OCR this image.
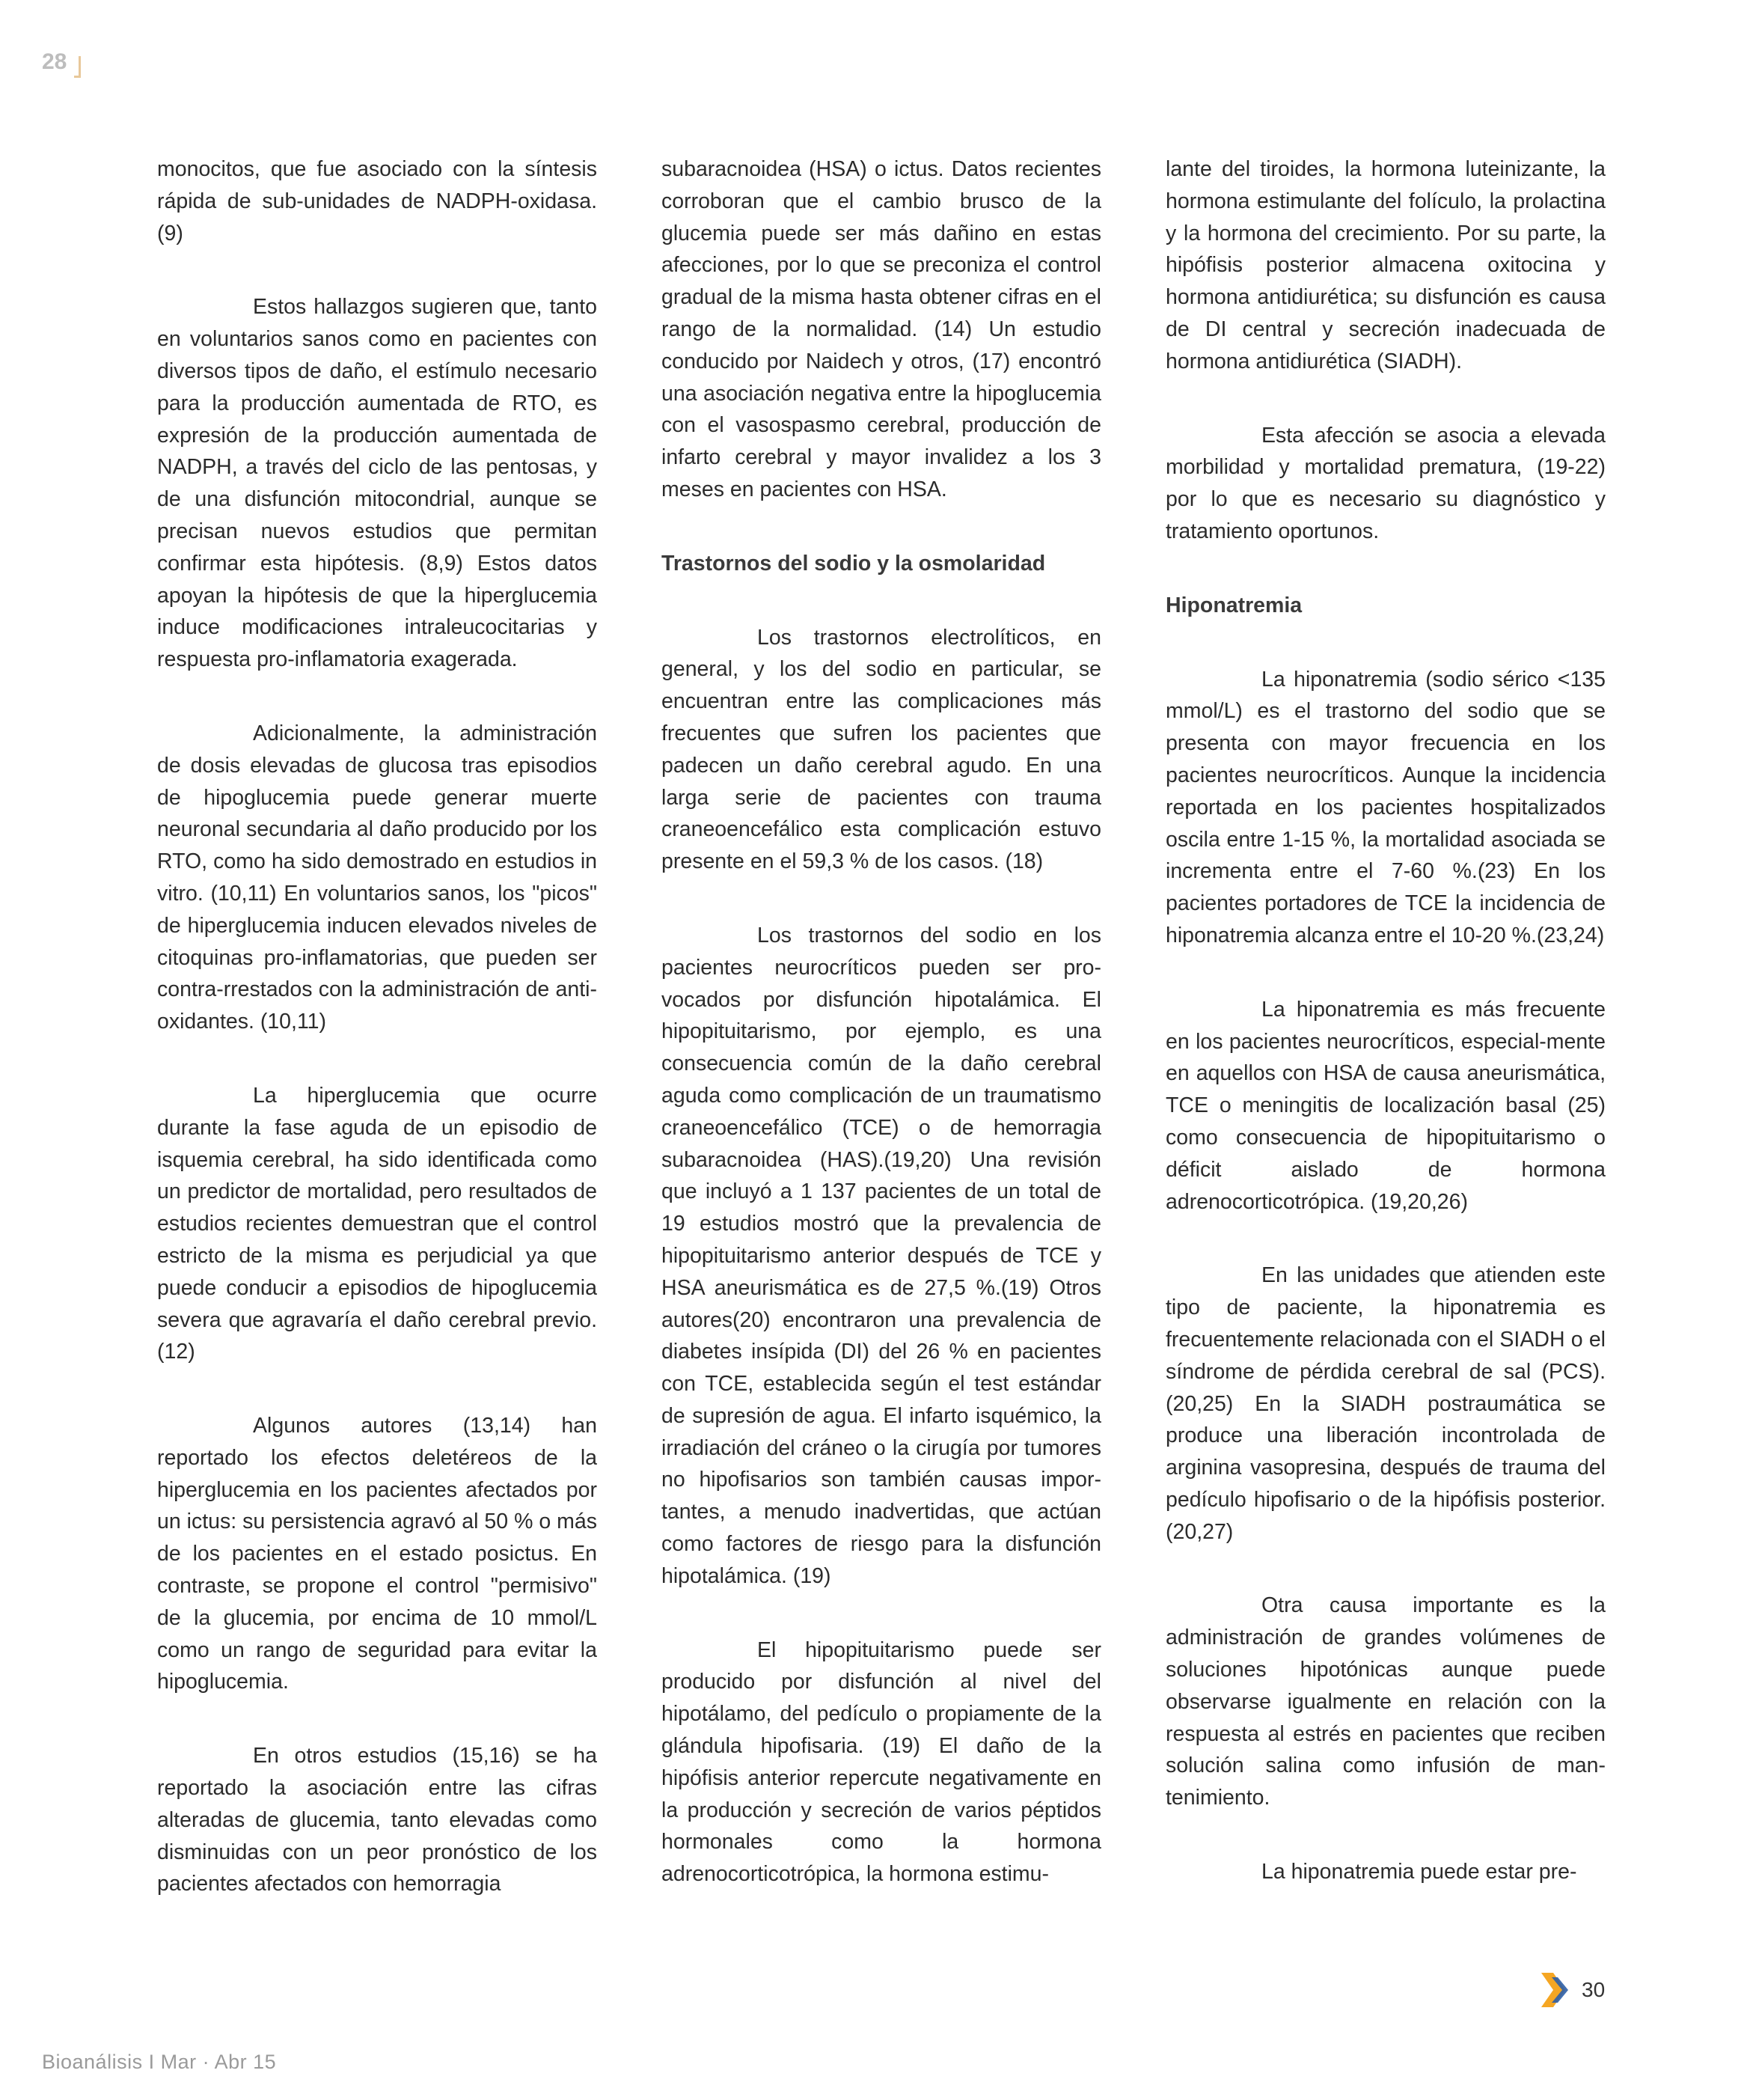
28

monocitos, que fue asociado con la síntesis rápida de sub-unidades de NADPH-oxidasa. (9)

Estos hallazgos sugieren que, tanto en voluntarios sanos como en pacientes con diversos tipos de daño, el estímulo necesario para la producción aumentada de RTO, es expresión de la producción aumentada de NADPH, a través del ciclo de las pentosas, y de una disfunción mitocondrial, aunque se precisan nuevos estudios que permitan confirmar esta hipótesis. (8,9) Estos datos apoyan la hipótesis de que la hiperglucemia induce modificaciones intraleucocitarias y respuesta pro-inflamatoria exagerada.

Adicionalmente, la administración de dosis elevadas de glucosa tras episodios de hipoglucemia puede generar muerte neuronal secundaria al daño producido por los RTO, como ha sido demostrado en estudios in vitro. (10,11) En voluntarios sanos, los "picos" de hiperglucemia inducen elevados niveles de citoquinas pro-inflamatorias, que pueden ser contra-rrestados con la administración de anti-oxidantes. (10,11)

La hiperglucemia que ocurre durante la fase aguda de un episodio de isquemia cerebral, ha sido identificada como un predictor de mortalidad, pero resultados de estudios recientes demuestran que el control estricto de la misma es perjudicial ya que puede conducir a episodios de hipoglucemia severa que agravaría el daño cerebral previo. (12)

Algunos autores (13,14) han reportado los efectos deletéreos de la hiperglucemia en los pacientes afectados por un ictus: su persistencia agravó al 50 % o más de los pacientes en el estado posictus. En contraste, se propone el control "permisivo" de la glucemia, por encima de 10 mmol/L como un rango de seguridad para evitar la hipoglucemia.

En otros estudios (15,16) se ha reportado la asociación entre las cifras alteradas de glucemia, tanto elevadas como disminuidas con un peor pronóstico de los pacientes afectados con hemorragia

subaracnoidea (HSA) o ictus. Datos recientes corroboran que el cambio brusco de la glucemia puede ser más dañino en estas afecciones, por lo que se preconiza el control gradual de la misma hasta obtener cifras en el rango de la normalidad. (14) Un estudio conducido por Naidech y otros, (17) encontró una asociación negativa entre la hipoglucemia con el vasospasmo cerebral, producción de infarto cerebral y mayor invalidez a los 3 meses en pacientes con HSA.

Trastornos del sodio y la osmolaridad

Los trastornos electrolíticos, en general, y los del sodio en particular, se encuentran entre las complicaciones más frecuentes que sufren los pacientes que padecen un daño cerebral agudo. En una larga serie de pacientes con trauma craneoencefálico esta complicación estuvo presente en el 59,3 % de los casos. (18)

Los trastornos del sodio en los pacientes neurocríticos pueden ser pro-vocados por disfunción hipotalámica. El hipopituitarismo, por ejemplo, es una consecuencia común de la daño cerebral aguda como complicación de un traumatismo craneoencefálico (TCE) o de hemorragia subaracnoidea (HAS).(19,20) Una revisión que incluyó a 1 137 pacientes de un total de 19 estudios mostró que la prevalencia de hipopituitarismo anterior después de TCE y HSA aneurismática es de 27,5 %.(19) Otros autores(20) encontraron una prevalencia de diabetes insípida (DI) del 26 % en pacientes con TCE, establecida según el test estándar de supresión de agua. El infarto isquémico, la irradiación del cráneo o la cirugía por tumores no hipofisarios son también causas impor-tantes, a menudo inadvertidas, que actúan como factores de riesgo para la disfunción hipotalámica. (19)

El hipopituitarismo puede ser producido por disfunción al nivel del hipotálamo, del pedículo o propiamente de la glándula hipofisaria. (19) El daño de la hipófisis anterior repercute negativamente en la producción y secreción de varios péptidos hormonales como la hormona adrenocorticotrópica, la hormona estimu-

lante del tiroides, la hormona luteinizante, la hormona estimulante del folículo, la prolactina y la hormona del crecimiento. Por su parte, la hipófisis posterior almacena oxitocina y hormona antidiurética; su disfunción es causa de DI central y secreción inadecuada de hormona antidiurética (SIADH).

Esta afección se asocia a elevada morbilidad y mortalidad prematura, (19-22) por lo que es necesario su diagnóstico y tratamiento oportunos.

Hiponatremia

La hiponatremia (sodio sérico <135 mmol/L) es el trastorno del sodio que se presenta con mayor frecuencia en los pacientes neurocríticos. Aunque la incidencia reportada en los pacientes hospitalizados oscila entre 1-15 %, la mortalidad asociada se incrementa entre el 7-60 %.(23) En los pacientes portadores de TCE la incidencia de hiponatremia alcanza entre el 10-20 %.(23,24)

La hiponatremia es más frecuente en los pacientes neurocríticos, especial-mente en aquellos con HSA de causa aneurismática, TCE o meningitis de localización basal (25) como consecuencia de hipopituitarismo o déficit aislado de hormona adrenocorticotrópica. (19,20,26)

En las unidades que atienden este tipo de paciente, la hiponatremia es frecuentemente relacionada con el SIADH o el síndrome de pérdida cerebral de sal (PCS). (20,25) En la SIADH postraumática se produce una liberación incontrolada de arginina vasopresina, después de trauma del pedículo hipofisario o de la hipófisis posterior. (20,27)

Otra causa importante es la administración de grandes volúmenes de soluciones hipotónicas aunque puede observarse igualmente en relación con la respuesta al estrés en pacientes que reciben solución salina como infusión de man-tenimiento.

La hiponatremia puede estar pre-

30
Bioanálisis I Mar · Abr 15
